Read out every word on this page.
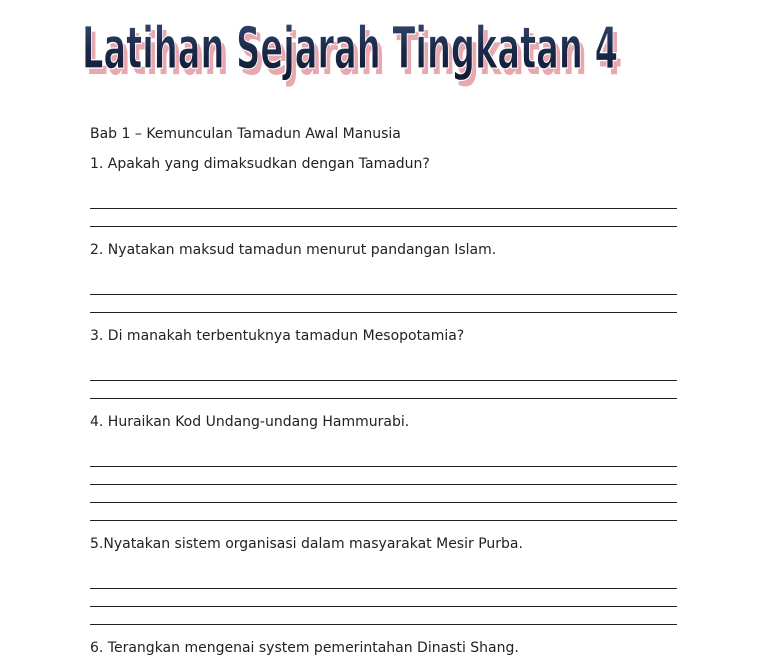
Latihan Sejarah Tingkatan 4
Latihan Sejarah Tingkatan 4

Bab 1 – Kemunculan Tamadun Awal Manusia

1. Apakah yang dimaksudkan dengan Tamadun?

2. Nyatakan maksud tamadun menurut pandangan Islam.

3. Di manakah terbentuknya tamadun Mesopotamia?

4. Huraikan Kod Undang-undang Hammurabi.

5.Nyatakan sistem organisasi dalam masyarakat Mesir Purba.

6. Terangkan mengenai system pemerintahan Dinasti Shang.
